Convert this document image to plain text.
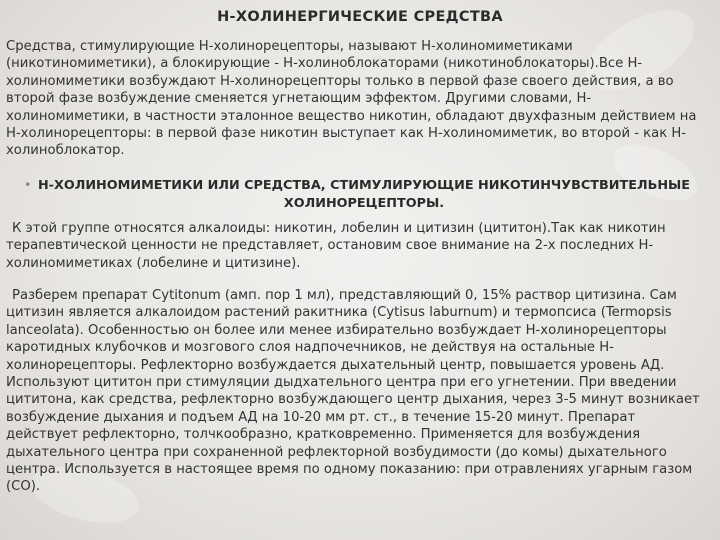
Н-ХОЛИНЕРГИЧЕСКИЕ СРЕДСТВА
Средства, стимулирующие Н-холинорецепторы, называют Н-холиномиметиками (никотиномиметики), а блокирующие - Н-холиноблокаторами (никотиноблокаторы).Все Н-холиномиметики возбуждают Н-холинорецепторы только в первой фазе своего действия, а во второй фазе возбуждение сменяется угнетающим эффектом. Другими словами, Н-холиномиметики, в частности эталонное вещество никотин, обладают двухфазным действием на Н-холинорецепторы: в первой фазе никотин выступает как Н-холиномиметик, во второй - как Н-холиноблокатор.
• Н-ХОЛИНОМИМЕТИКИ ИЛИ СРЕДСТВА, СТИМУЛИРУЮЩИЕ НИКОТИНЧУВСТВИТЕЛЬНЫЕ ХОЛИНОРЕЦЕПТОРЫ.
К этой группе относятся алкалоиды: никотин, лобелин и цитизин (цититон).Так как никотин терапевтической ценности не представляет, остановим свое внимание на 2-х последних Н-холиномиметиках (лобелине и цитизине).
Разберем препарат Cytitonum (амп. пор 1 мл), представляющий 0, 15% раствор цитизина. Сам цитизин является алкалоидом растений ракитника (Cytisus laburnum) и термопсиса (Termopsis lanceolata). Особенностью он более или менее избирательно возбуждает Н-холинорецепторы каротидных клубочков и мозгового слоя надпочечников, не действуя на остальные Н-холинорецепторы. Рефлекторно возбуждается дыхательный центр, повышается уровень АД. Используют цититон при стимуляции дыдхательного центра при его угнетении. При введении цититона, как средства, рефлекторно возбуждающего центр дыхания, через 3-5 минут возникает возбуждение дыхания и подъем АД на 10-20 мм рт. ст., в течение 15-20 минут. Препарат действует рефлекторно, толчкообразно, кратковременно. Применяется для возбуждения дыхательного центра при сохраненной рефлекторной возбудимости (до комы) дыхательного центра. Используется в настоящее время по одному показанию: при отравлениях угарным газом (СО).
